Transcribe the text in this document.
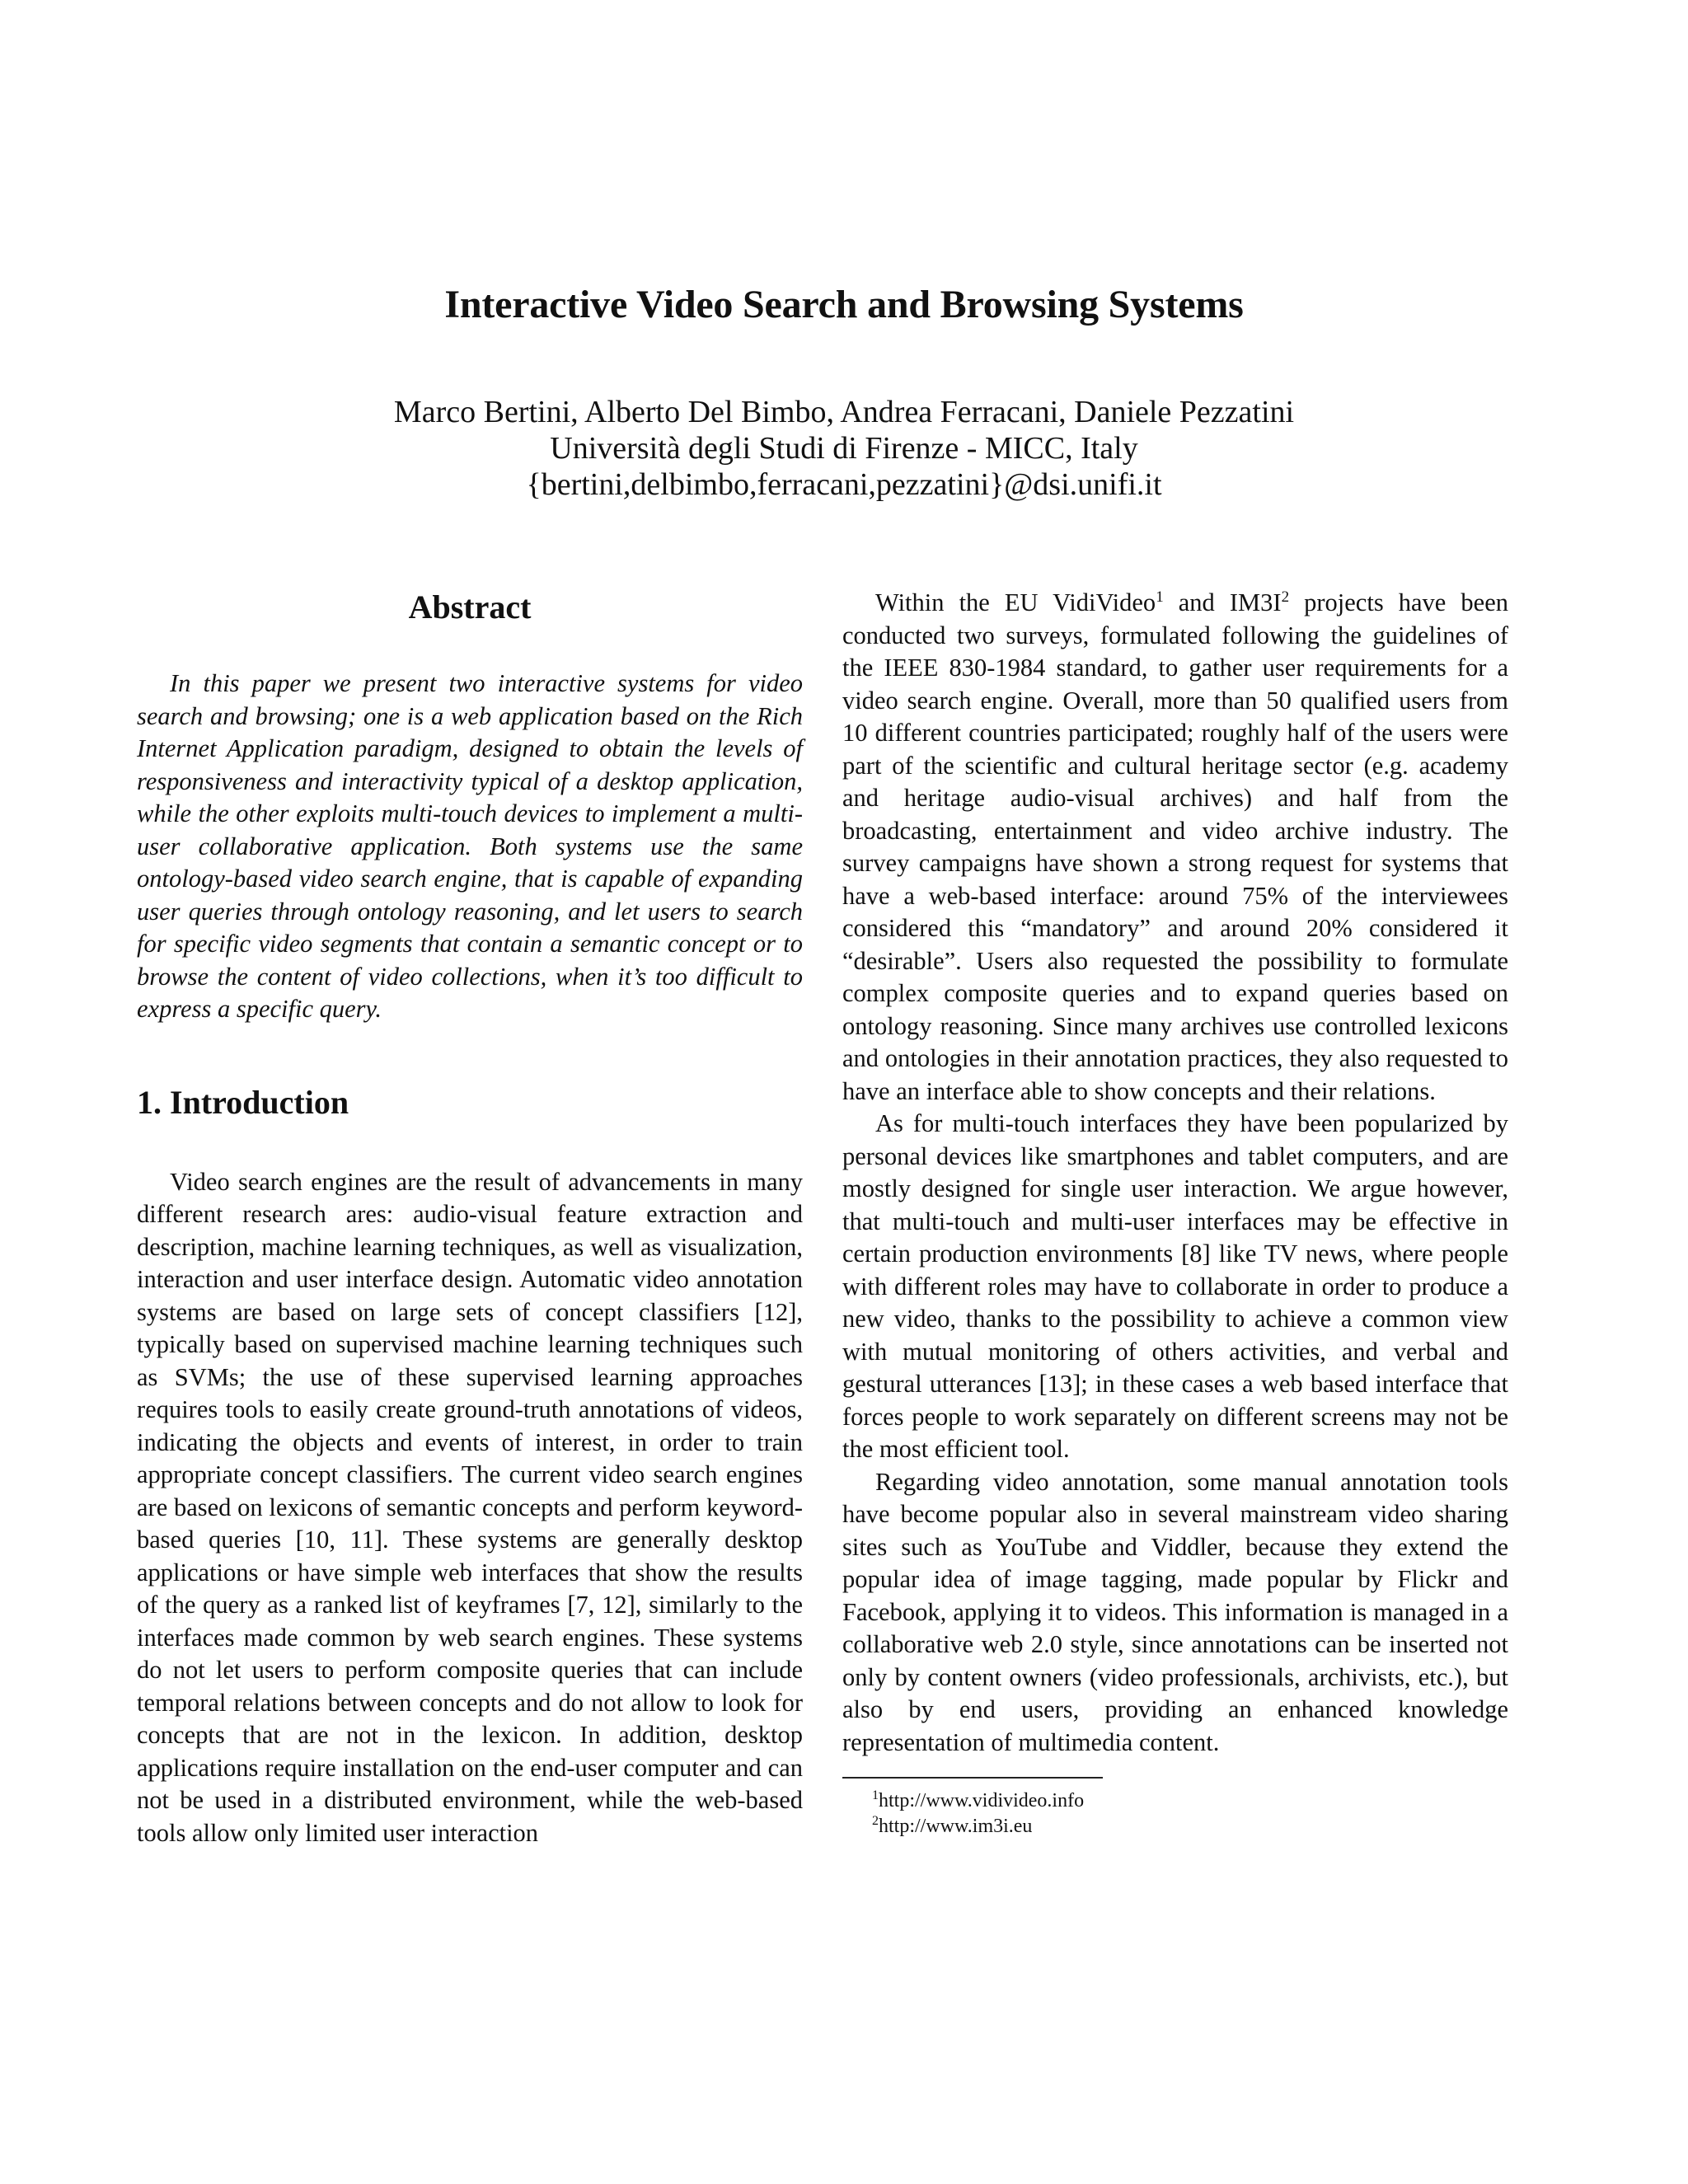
Interactive Video Search and Browsing Systems
Marco Bertini, Alberto Del Bimbo, Andrea Ferracani, Daniele Pezzatini
Università degli Studi di Firenze - MICC, Italy
{bertini,delbimbo,ferracani,pezzatini}@dsi.unifi.it
Abstract

In this paper we present two interactive systems for video search and browsing; one is a web application based on the Rich Internet Application paradigm, designed to obtain the levels of responsiveness and interactivity typical of a desktop application, while the other exploits multi-touch devices to implement a multi-user collaborative application. Both systems use the same ontology-based video search engine, that is capable of expanding user queries through ontology reasoning, and let users to search for specific video segments that contain a semantic concept or to browse the content of video collections, when it’s too difficult to express a specific query.

1. Introduction

Video search engines are the result of advancements in many different research ares: audio-visual feature extraction and description, machine learning techniques, as well as visualization, interaction and user interface design. Automatic video annotation systems are based on large sets of concept classifiers [12], typically based on supervised machine learning techniques such as SVMs; the use of these supervised learning approaches requires tools to easily create ground-truth annotations of videos, indicating the objects and events of interest, in order to train appropriate concept classifiers. The current video search engines are based on lexicons of semantic concepts and perform keyword-based queries [10, 11]. These systems are generally desktop applications or have simple web interfaces that show the results of the query as a ranked list of keyframes [7, 12], similarly to the interfaces made common by web search engines. These systems do not let users to perform composite queries that can include temporal relations between concepts and do not allow to look for concepts that are not in the lexicon. In addition, desktop applications require installation on the end-user computer and can not be used in a distributed environment, while the web-based tools allow only limited user interaction

Within the EU VidiVideo$^1$ and $IM3I^2$ projects have been conducted two surveys, formulated following the guidelines of the IEEE 830-1984 standard, to gather user requirements for a video search engine. Overall, more than 50 qualified users from 10 different countries participated; roughly half of the users were part of the scientific and cultural heritage sector (e.g. academy and heritage audio-visual archives) and half from the broadcasting, entertainment and video archive industry. The survey campaigns have shown a strong request for systems that have a web-based interface: around 75% of the interviewees considered this “mandatory” and around 20% considered it “desirable”. Users also requested the possibility to formulate complex composite queries and to expand queries based on ontology reasoning. Since many archives use controlled lexicons and ontologies in their annotation practices, they also requested to have an interface able to show concepts and their relations.

As for multi-touch interfaces they have been popularized by personal devices like smartphones and tablet computers, and are mostly designed for single user interaction. We argue however, that multi-touch and multi-user interfaces may be effective in certain production environments [8] like TV news, where people with different roles may have to collaborate in order to produce a new video, thanks to the possibility to achieve a common view with mutual monitoring of others activities, and verbal and gestural utterances [13]; in these cases a web based interface that forces people to work separately on different screens may not be the most efficient tool.

Regarding video annotation, some manual annotation tools have become popular also in several mainstream video sharing sites such as YouTube and Viddler, because they extend the popular idea of image tagging, made popular by Flickr and Facebook, applying it to videos. This information is managed in a collaborative web 2.0 style, since annotations can be inserted not only by content owners (video professionals, archivists, etc.), but also by end users, providing an enhanced knowledge representation of multimedia content.

$^1$http://www.vidivideo.info
$^2$http://www.im3i.eu
